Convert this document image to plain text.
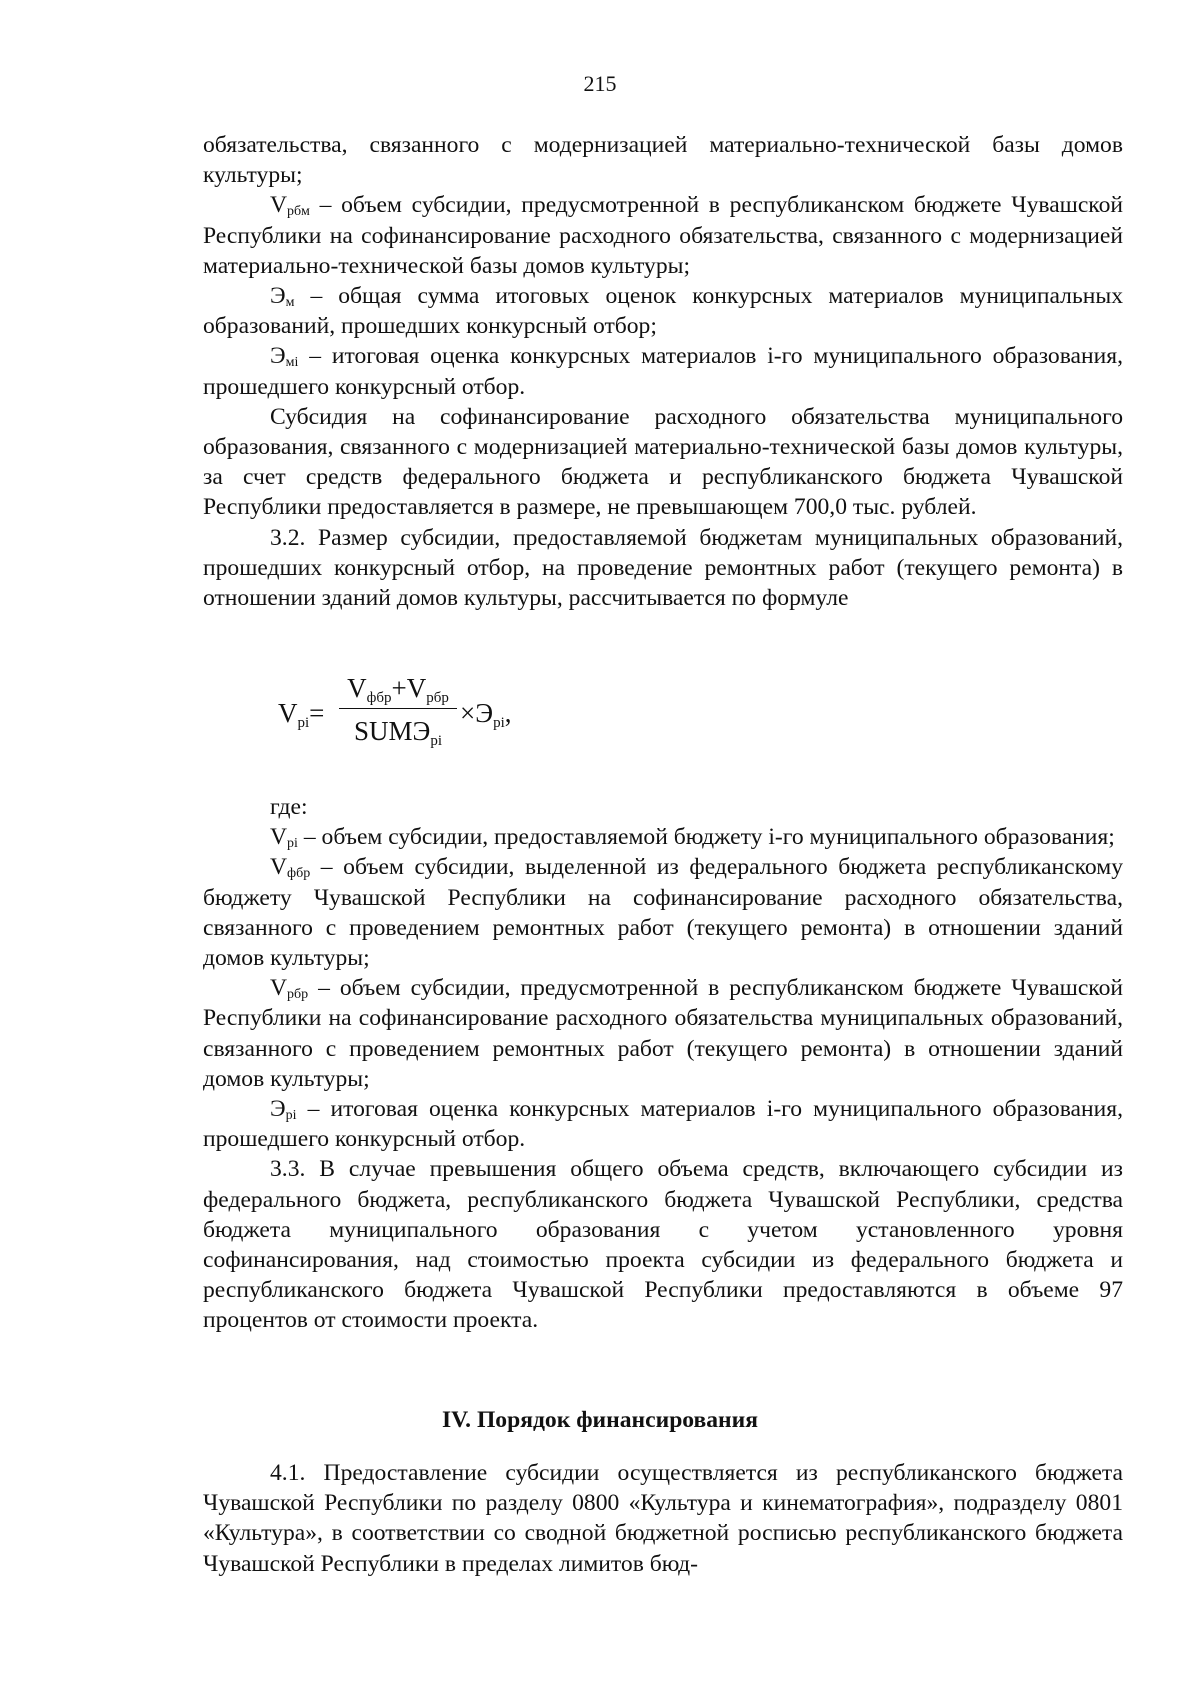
215

обязательства, связанного с модернизацией материально-технической базы домов культуры;

$V_{рбм}$ – объем субсидии, предусмотренной в республиканском бюджете Чувашской Республики на софинансирование расходного обязательства, связанного с модернизацией материально-технической базы домов культуры;

$Э_м$ – общая сумма итоговых оценок конкурсных материалов муниципальных образований, прошедших конкурсный отбор;

$Э_{мi}$ – итоговая оценка конкурсных материалов i-го муниципального образования, прошедшего конкурсный отбор.

Субсидия на софинансирование расходного обязательства муниципального образования, связанного с модернизацией материально-технической базы домов культуры, за счет средств федерального бюджета и республиканского бюджета Чувашской Республики предоставляется в размере, не превышающем 700,0 тыс. рублей.

3.2. Размер субсидии, предоставляемой бюджетам муниципальных образований, прошедших конкурсный отбор, на проведение ремонтных работ (текущего ремонта) в отношении зданий домов культуры, рассчитывается по формуле

$V_{pi}=$
$V_{фбр}+V_{рбр}$
$SUMЭ_{pi}$
$\times Э_{pi}$,

где:

$V_{pi}$ – объем субсидии, предоставляемой бюджету i-го муниципального образования;

$V_{фбр}$ – объем субсидии, выделенной из федерального бюджета республиканскому бюджету Чувашской Республики на софинансирование расходного обязательства, связанного с проведением ремонтных работ (текущего ремонта) в отношении зданий домов культуры;

$V_{рбр}$ – объем субсидии, предусмотренной в республиканском бюджете Чувашской Республики на софинансирование расходного обязательства муниципальных образований, связанного с проведением ремонтных работ (текущего ремонта) в отношении зданий домов культуры;

$Э_{pi}$ – итоговая оценка конкурсных материалов i-го муниципального образования, прошедшего конкурсный отбор.

3.3. В случае превышения общего объема средств, включающего субсидии из федерального бюджета, республиканского бюджета Чувашской Республики, средства бюджета муниципального образования с учетом установленного уровня софинансирования, над стоимостью проекта субсидии из федерального бюджета и республиканского бюджета Чувашской Республики предоставляются в объеме 97 процентов от стоимости проекта.

IV. Порядок финансирования

4.1. Предоставление субсидии осуществляется из республиканского бюджета Чувашской Республики по разделу 0800 «Культура и кинематография», подразделу 0801 «Культура», в соответствии со сводной бюджетной росписью республиканского бюджета Чувашской Республики в пределах лимитов бюд-
